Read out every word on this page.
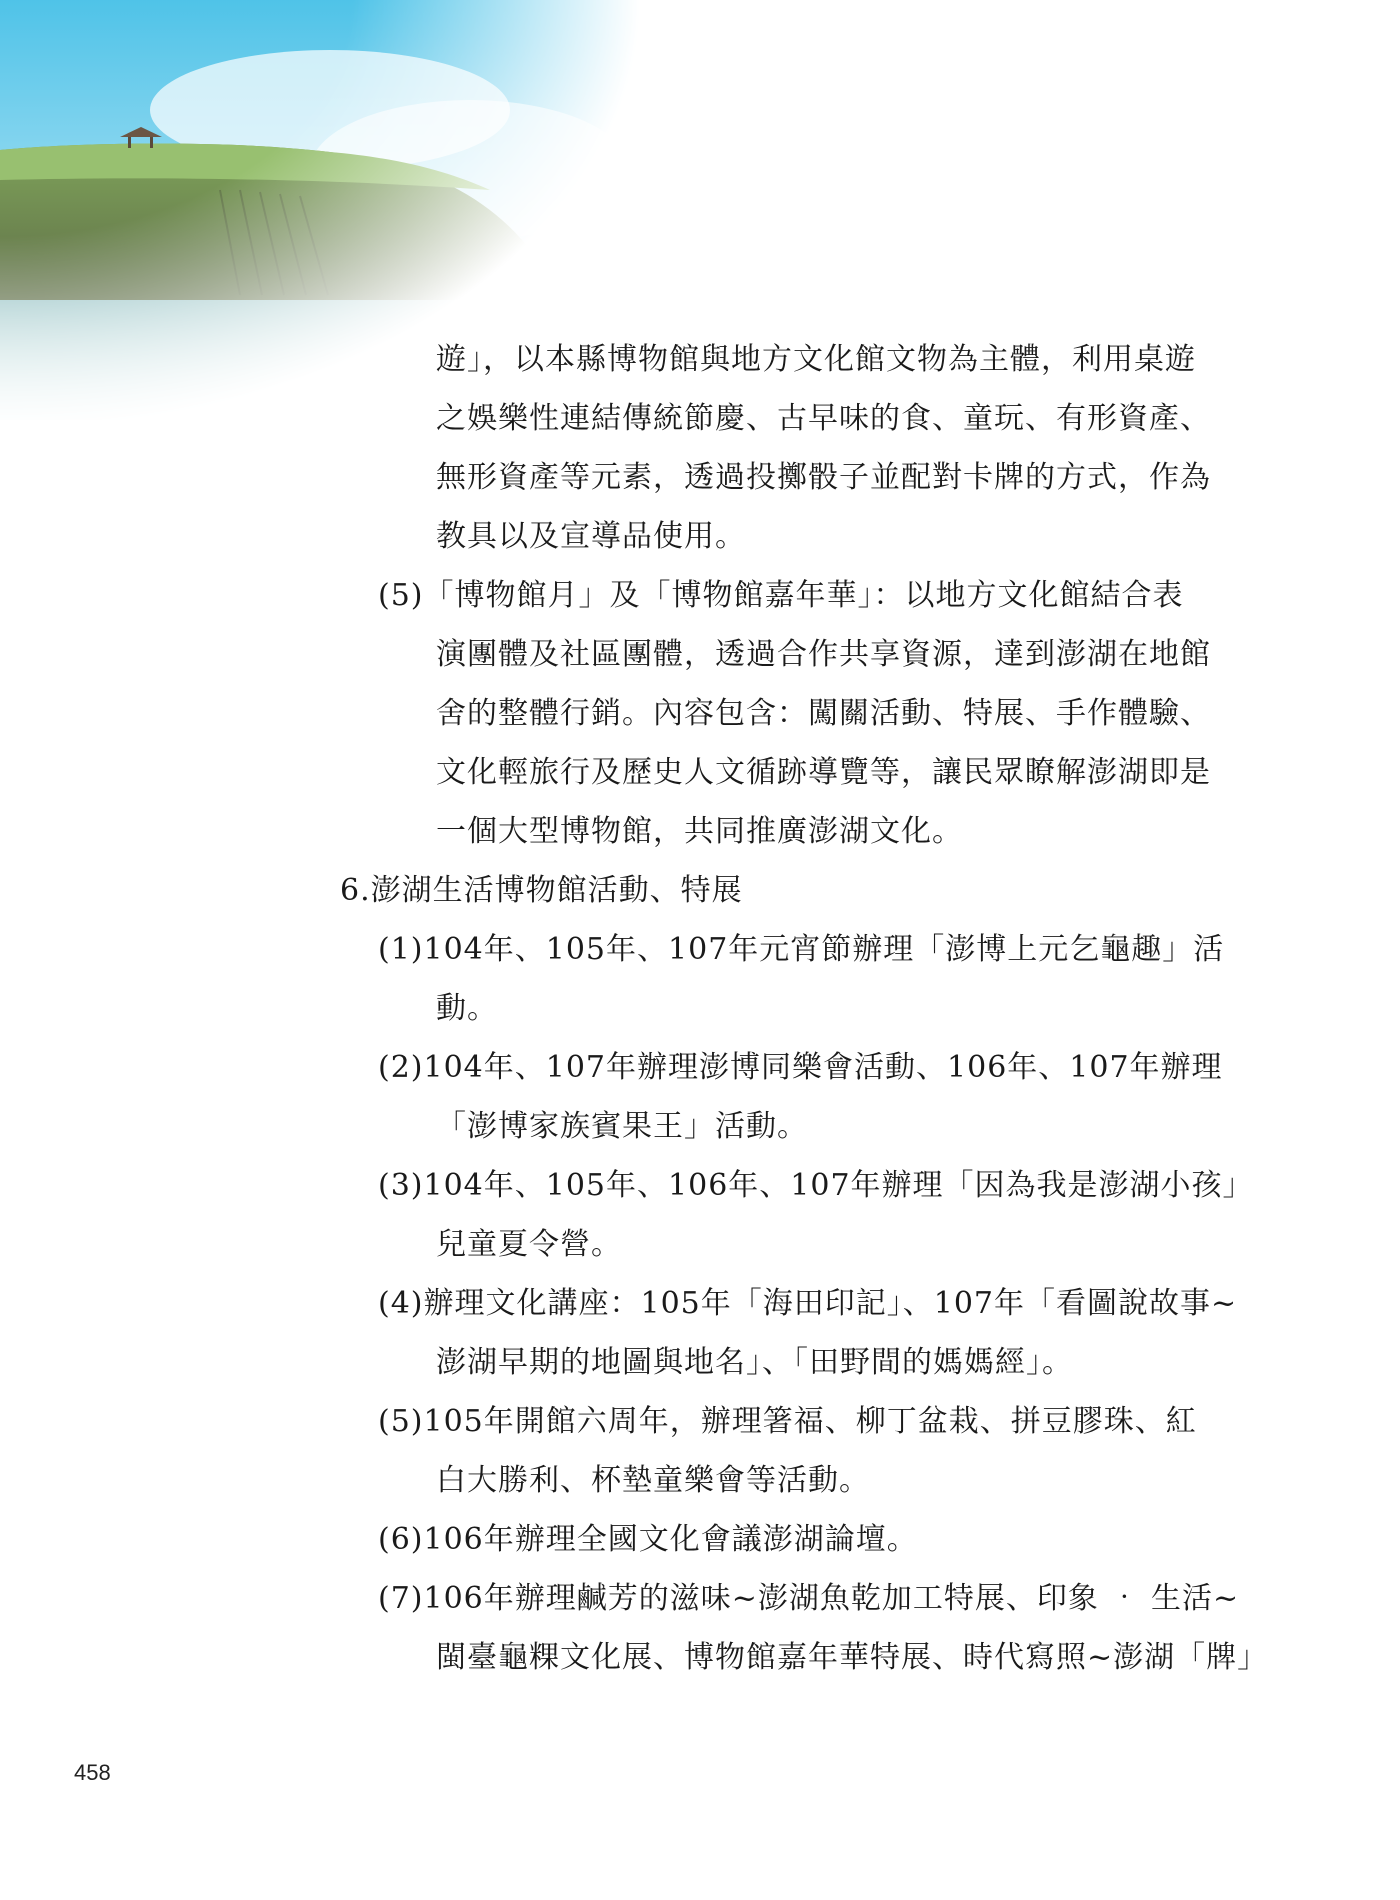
遊」，以本縣博物館與地方文化館文物為主體，利用桌遊
之娛樂性連結傳統節慶、古早味的食、童玩、有形資產、
無形資產等元素，透過投擲骰子並配對卡牌的方式，作為
教具以及宣導品使用。
(5)「博物館月」及「博物館嘉年華」：以地方文化館結合表
演團體及社區團體，透過合作共享資源，達到澎湖在地館
舍的整體行銷。內容包含：闖關活動、特展、手作體驗、
文化輕旅行及歷史人文循跡導覽等，讓民眾瞭解澎湖即是
一個大型博物館，共同推廣澎湖文化。
6.澎湖生活博物館活動、特展
(1)104年、105年、107年元宵節辦理「澎博上元乞龜趣」活
動。
(2)104年、107年辦理澎博同樂會活動、106年、107年辦理
「澎博家族賓果王」活動。
(3)104年、105年、106年、107年辦理「因為我是澎湖小孩」
兒童夏令營。
(4)辦理文化講座：105年「海田印記」、107年「看圖說故事~
澎湖早期的地圖與地名」、「田野間的媽媽經」。
(5)105年開館六周年，辦理箸福、柳丁盆栽、拼豆膠珠、紅
白大勝利、杯墊童樂會等活動。
(6)106年辦理全國文化會議澎湖論壇。
(7)106年辦理鹹芳的滋味~澎湖魚乾加工特展、印象 ‧ 生活~
閩臺龜粿文化展、博物館嘉年華特展、時代寫照~澎湖「牌」
458
